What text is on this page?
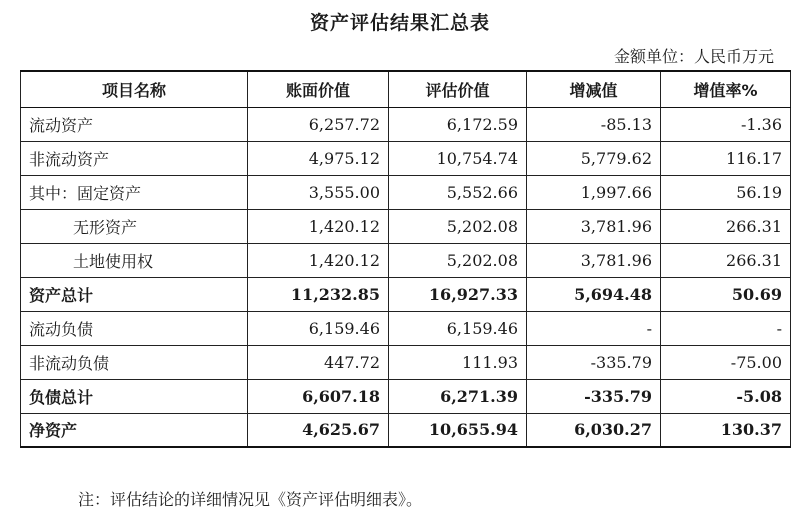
资产评估结果汇总表
金额单位：人民币万元
项目名称	账面价值	评估价值	增减值	增值率%
流动资产	6,257.72	6,172.59	-85.13	-1.36
非流动资产	4,975.12	10,754.74	5,779.62	116.17
其中：固定资产	3,555.00	5,552.66	1,997.66	56.19
无形资产	1,420.12	5,202.08	3,781.96	266.31
土地使用权	1,420.12	5,202.08	3,781.96	266.31
资产总计	11,232.85	16,927.33	5,694.48	50.69
流动负债	6,159.46	6,159.46	-	-
非流动负债	447.72	111.93	-335.79	-75.00
负债总计	6,607.18	6,271.39	-335.79	-5.08
净资产	4,625.67	10,655.94	6,030.27	130.37
注：评估结论的详细情况见《资产评估明细表》。
